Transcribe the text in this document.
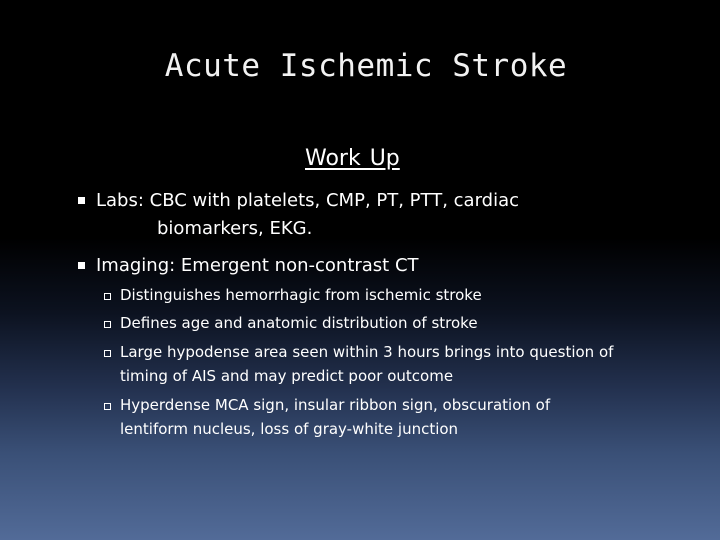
Acute Ischemic Stroke
Work Up
Labs: CBC with platelets, CMP, PT, PTT, cardiac
biomarkers, EKG.
Imaging: Emergent non-contrast CT
Distinguishes hemorrhagic from ischemic stroke
Defines age and anatomic distribution of stroke
Large hypodense area seen within 3 hours brings into question of
timing of AIS and may predict poor outcome
Hyperdense MCA sign, insular ribbon sign, obscuration of
lentiform nucleus, loss of gray-white junction
